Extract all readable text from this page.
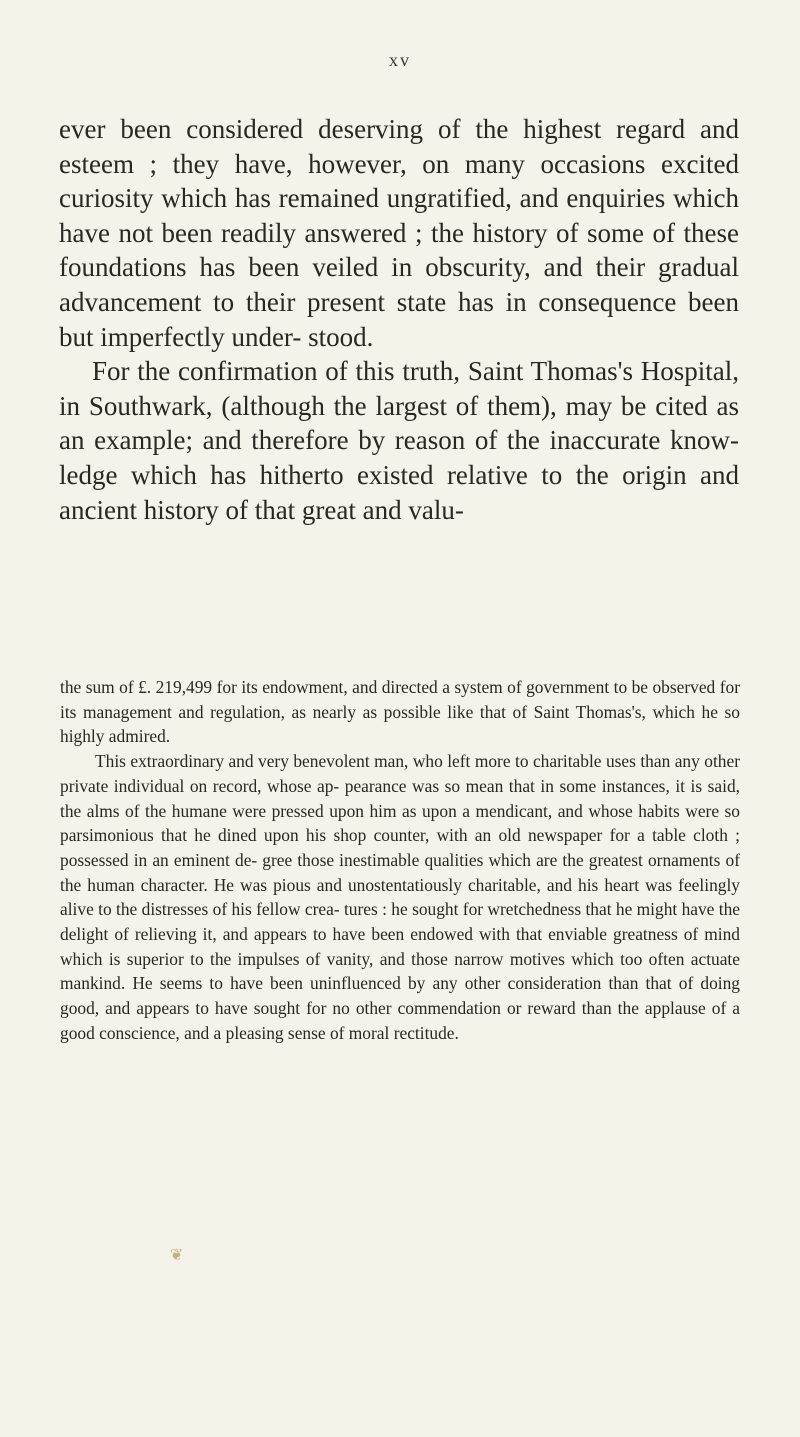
xv

ever been considered deserving of the highest regard and esteem ; they have, however, on many occasions excited curiosity which has remained ungratified, and enquiries which have not been readily answered ; the history of some of these foundations has been veiled in obscurity, and their gradual advancement to their present state has in consequence been but imperfectly under- stood.

For the confirmation of this truth, Saint Thomas's Hospital, in Southwark, (although the largest of them), may be cited as an example; and therefore by reason of the inaccurate know- ledge which has hitherto existed relative to the origin and ancient history of that great and valu-

the sum of £. 219,499 for its endowment, and directed a system of government to be observed for its management and regulation, as nearly as possible like that of Saint Thomas's, which he so highly admired.

This extraordinary and very benevolent man, who left more to charitable uses than any other private individual on record, whose ap- pearance was so mean that in some instances, it is said, the alms of the humane were pressed upon him as upon a mendicant, and whose habits were so parsimonious that he dined upon his shop counter, with an old newspaper for a table cloth ; possessed in an eminent de- gree those inestimable qualities which are the greatest ornaments of the human character. He was pious and unostentatiously charitable, and his heart was feelingly alive to the distresses of his fellow crea- tures : he sought for wretchedness that he might have the delight of relieving it, and appears to have been endowed with that enviable greatness of mind which is superior to the impulses of vanity, and those narrow motives which too often actuate mankind. He seems to have been uninfluenced by any other consideration than that of doing good, and appears to have sought for no other commendation or reward than the applause of a good conscience, and a pleasing sense of moral rectitude.

❦
